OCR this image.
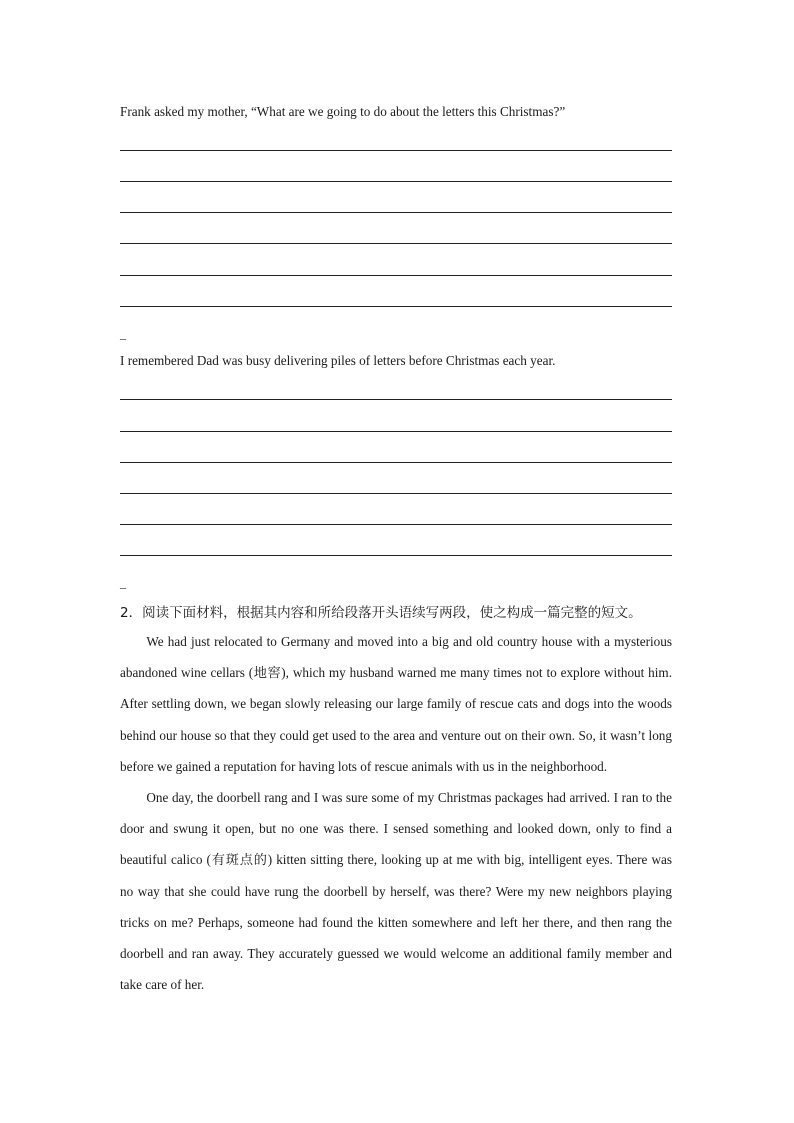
Frank asked my mother, “What are we going to do about the letters this Christmas?”
_
I remembered Dad was busy delivering piles of letters before Christmas each year.
_
2．阅读下面材料，根据其内容和所给段落开头语续写两段，使之构成一篇完整的短文。

We had just relocated to Germany and moved into a big and old country house with a mysterious abandoned wine cellars (地窖), which my husband warned me many times not to explore without him. After settling down, we began slowly releasing our large family of rescue cats and dogs into the woods behind our house so that they could get used to the area and venture out on their own. So, it wasn’t long before we gained a reputation for having lots of rescue animals with us in the neighborhood.

One day, the doorbell rang and I was sure some of my Christmas packages had arrived. I ran to the door and swung it open, but no one was there. I sensed something and looked down, only to find a beautiful calico (有斑点的) kitten sitting there, looking up at me with big, intelligent eyes. There was no way that she could have rung the doorbell by herself, was there? Were my new neighbors playing tricks on me? Perhaps, someone had found the kitten somewhere and left her there, and then rang the doorbell and ran away. They accurately guessed we would welcome an additional family member and take care of her.
